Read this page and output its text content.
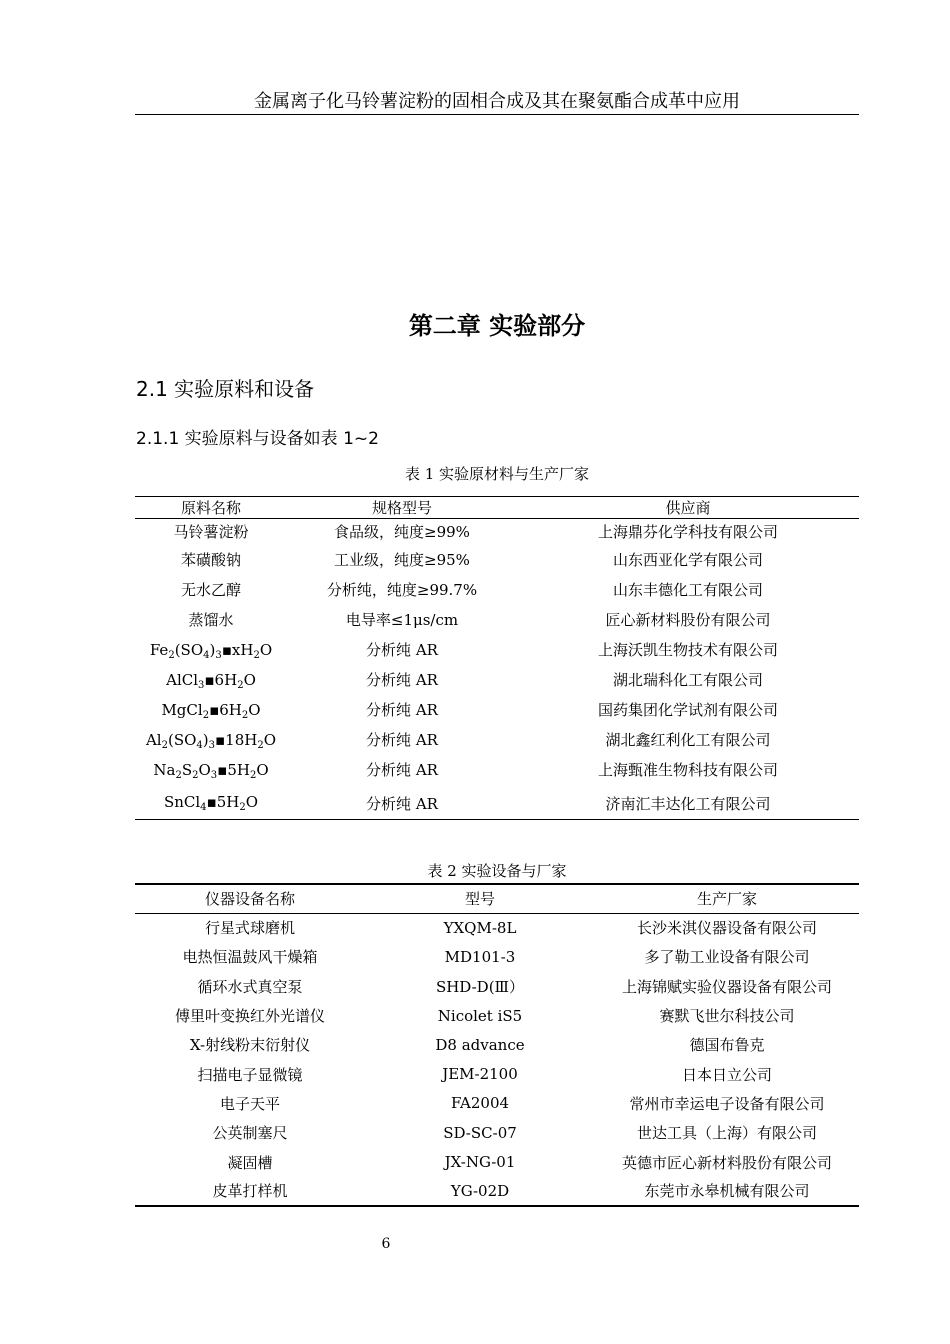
金属离子化马铃薯淀粉的固相合成及其在聚氨酯合成革中应用
第二章 实验部分
2.1 实验原料和设备
2.1.1 实验原料与设备如表 1~2
表 1 实验原材料与生产厂家
原料名称	规格型号	供应商
马铃薯淀粉	食品级，纯度≥99%	上海鼎芬化学科技有限公司
苯磺酸钠	工业级，纯度≥95%	山东西亚化学有限公司
无水乙醇	分析纯，纯度≥99.7%	山东丰德化工有限公司
蒸馏水	电导率≤1μs/cm	匠心新材料股份有限公司
$Fe_2(SO_4)_3▪xH_2O$	分析纯 AR	上海沃凯生物技术有限公司
$AlCl_3▪6H_2O$	分析纯 AR	湖北瑞科化工有限公司
$MgCl_2▪6H_2O$	分析纯 AR	国药集团化学试剂有限公司
$Al_2(SO_4)_3▪18H_2O$	分析纯 AR	湖北鑫红利化工有限公司
$Na_2S_2O_3▪5H_2O$	分析纯 AR	上海甄准生物科技有限公司
$SnCl_4▪5H_2O$	分析纯 AR	济南汇丰达化工有限公司
表 2 实验设备与厂家
仪器设备名称	型号	生产厂家
行星式球磨机	YXQM-8L	长沙米淇仪器设备有限公司
电热恒温鼓风干燥箱	MD101-3	多了勒工业设备有限公司
循环水式真空泵	SHD-D(Ⅲ）	上海锦赋实验仪器设备有限公司
傅里叶变换红外光谱仪	Nicolet iS5	赛默飞世尔科技公司
X-射线粉末衍射仪	D8 advance	德国布鲁克
扫描电子显微镜	JEM-2100	日本日立公司
电子天平	FA2004	常州市幸运电子设备有限公司
公英制塞尺	SD-SC-07	世达工具（上海）有限公司
凝固槽	JX-NG-01	英德市匠心新材料股份有限公司
皮革打样机	YG-02D	东莞市永皋机械有限公司
6
